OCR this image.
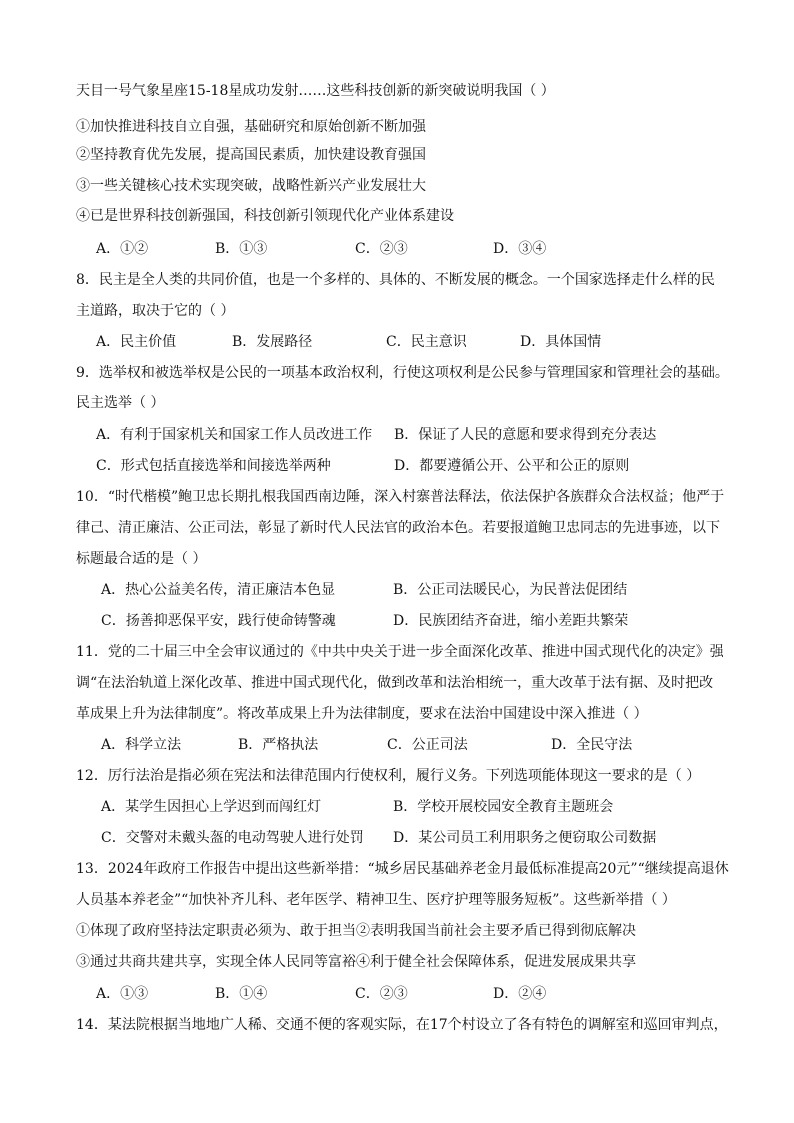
天目一号气象星座15-18星成功发射……这些科技创新的新突破说明我国（ ）
①加快推进科技自立自强，基础研究和原始创新不断加强
②坚持教育优先发展，提高国民素质，加快建设教育强国
③一些关键核心技术实现突破，战略性新兴产业发展壮大
④已是世界科技创新强国，科技创新引领现代化产业体系建设
A．①②	B．①③	C．②③	D．③④
8．民主是全人类的共同价值，也是一个多样的、具体的、不断发展的概念。一个国家选择走什么样的民
主道路，取决于它的（ ）
A．民主价值	B．发展路径	C．民主意识	D．具体国情
9．选举权和被选举权是公民的一项基本政治权利，行使这项权利是公民参与管理国家和管理社会的基础。
民主选举（ ）
A．有利于国家机关和国家工作人员改进工作 B．保证了人民的意愿和要求得到充分表达
C．形式包括直接选举和间接选举两种	D．都要遵循公开、公平和公正的原则
10．“时代楷模”鲍卫忠长期扎根我国西南边陲，深入村寨普法释法，依法保护各族群众合法权益；他严于
律己、清正廉洁、公正司法，彰显了新时代人民法官的政治本色。若要报道鲍卫忠同志的先进事迹，以下
标题最合适的是（ ）
A．热心公益美名传，清正廉洁本色显	B．公正司法暖民心，为民普法促团结
C．扬善抑恶保平安，践行使命铸警魂	D．民族团结齐奋进，缩小差距共繁荣
11．党的二十届三中全会审议通过的《中共中央关于进一步全面深化改革、推进中国式现代化的决定》强
调“在法治轨道上深化改革、推进中国式现代化，做到改革和法治相统一，重大改革于法有据、及时把改
革成果上升为法律制度”。将改革成果上升为法律制度，要求在法治中国建设中深入推进（ ）
A．科学立法	B．严格执法	C．公正司法	D．全民守法
12．厉行法治是指必须在宪法和法律范围内行使权利，履行义务。下列选项能体现这一要求的是（ ）
A．某学生因担心上学迟到而闯红灯	B．学校开展校园安全教育主题班会
C．交警对未戴头盔的电动驾驶人进行处罚 D．某公司员工利用职务之便窃取公司数据
13．2024年政府工作报告中提出这些新举措：“城乡居民基础养老金月最低标准提高20元”“继续提高退休
人员基本养老金”“加快补齐儿科、老年医学、精神卫生、医疗护理等服务短板”。这些新举措（ ）
①体现了政府坚持法定职责必须为、敢于担当②表明我国当前社会主要矛盾已得到彻底解决
③通过共商共建共享，实现全体人民同等富裕④利于健全社会保障体系，促进发展成果共享
A．①③	B．①④	C．②③	D．②④
14．某法院根据当地地广人稀、交通不便的客观实际，在17个村设立了各有特色的调解室和巡回审判点，
